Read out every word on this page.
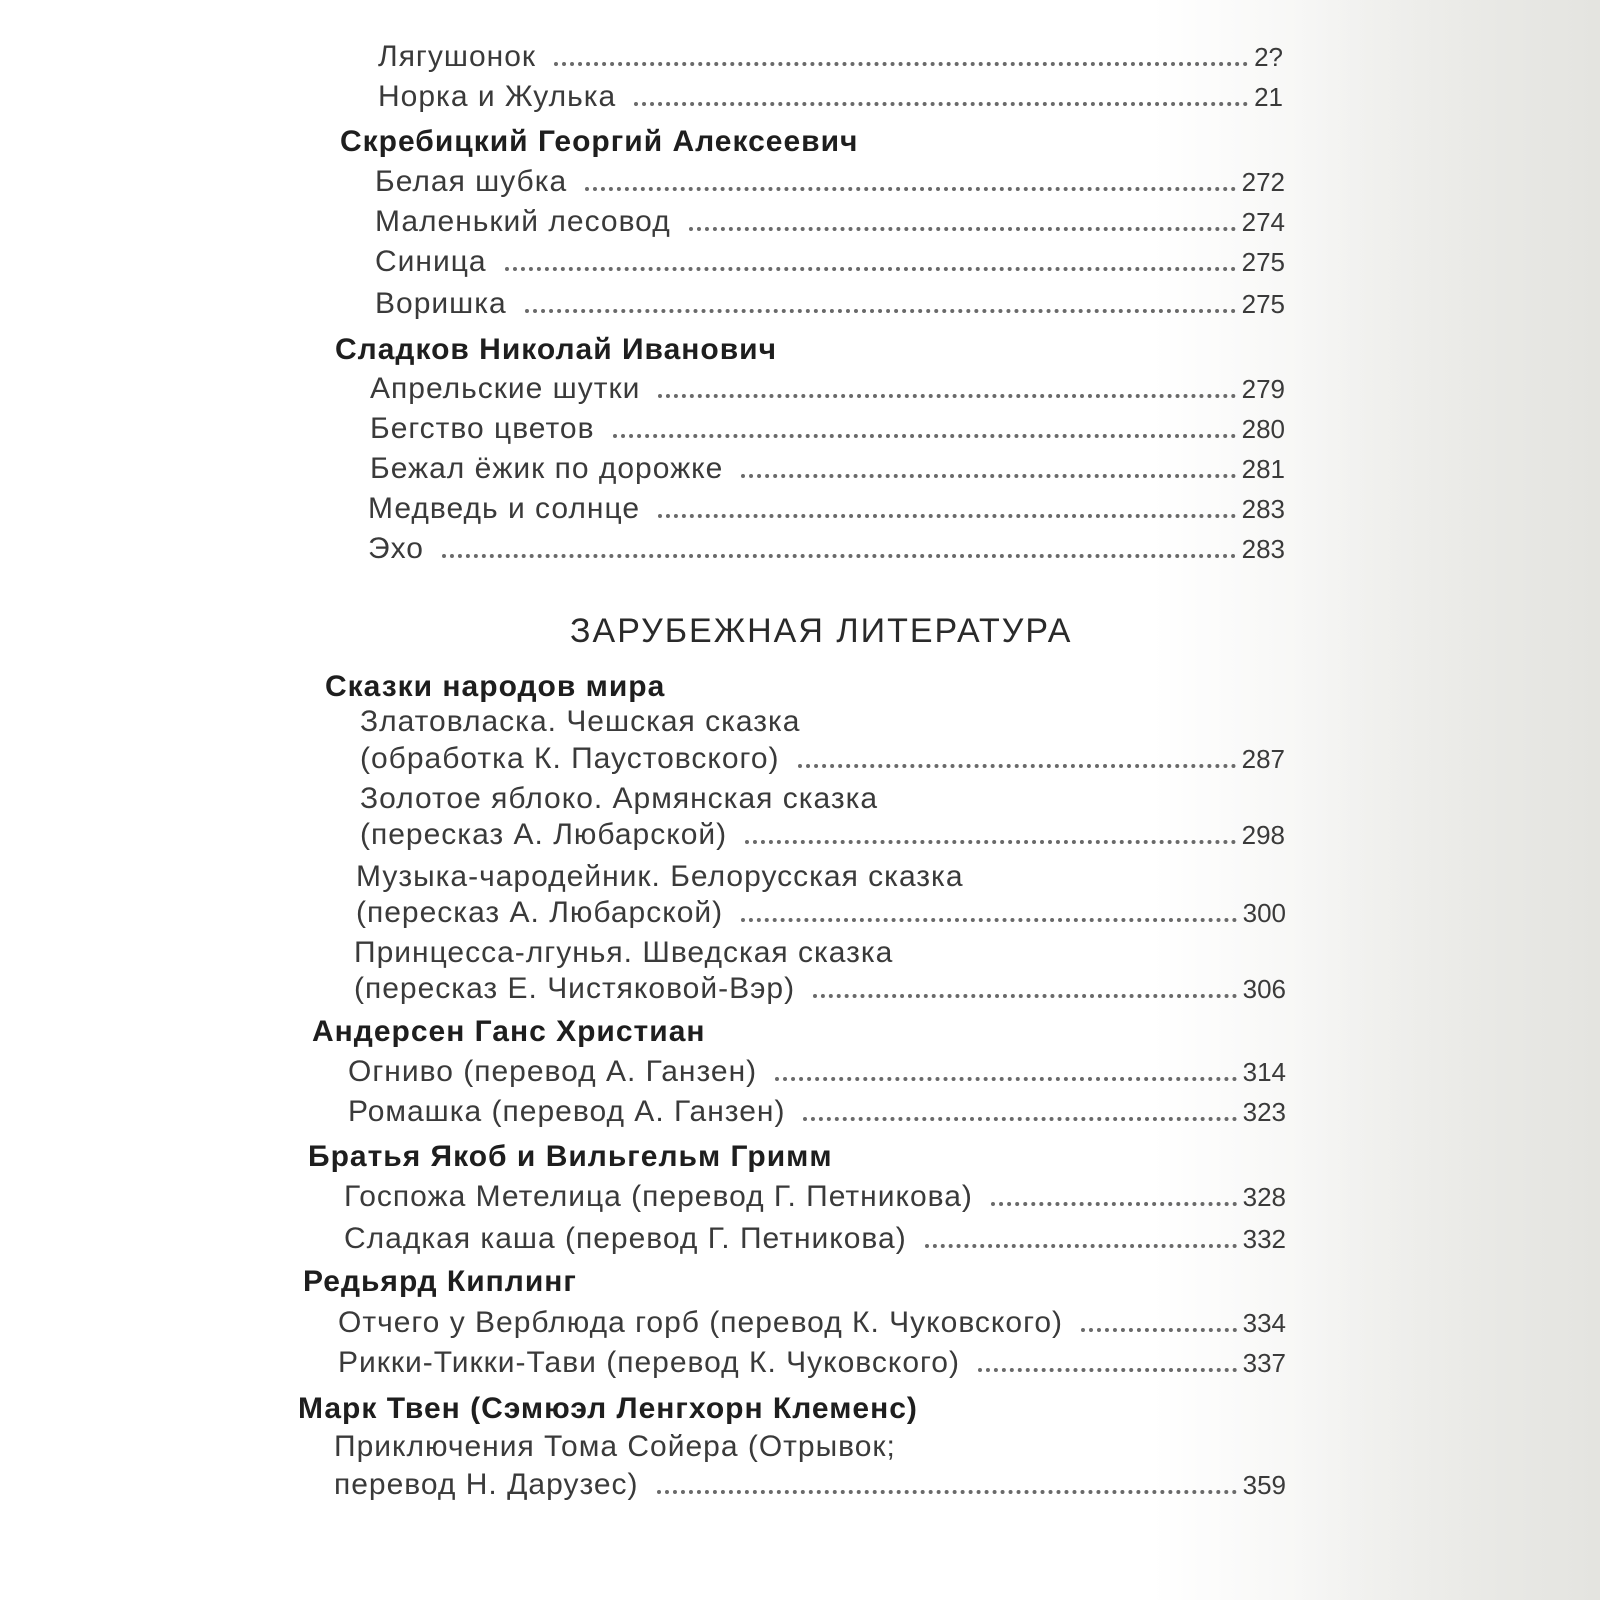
Лягушонок	2?
Норка и Жулька	21
Скребицкий Георгий Алексеевич
Белая шубка	272
Маленький лесовод	274
Синица	275
Воришка	275
Сладков Николай Иванович
Апрельские шутки	279
Бегство цветов	280
Бежал ёжик по дорожке	281
Медведь и солнце	283
Эхо	283
ЗАРУБЕЖНАЯ ЛИТЕРАТУРА
Сказки народов мира
Златовласка. Чешская сказка
(обработка К. Паустовского)	287
Золотое яблоко. Армянская сказка
(пересказ А. Любарской)	298
Музыка-чародейник. Белорусская сказка
(пересказ А. Любарской)	300
Принцесса-лгунья. Шведская сказка
(пересказ Е. Чистяковой-Вэр)	306
Андерсен Ганс Христиан
Огниво (перевод А. Ганзен)	314
Ромашка (перевод А. Ганзен)	323
Братья Якоб и Вильгельм Гримм
Госпожа Метелица (перевод Г. Петникова)	328
Сладкая каша (перевод Г. Петникова)	332
Редьярд Киплинг
Отчего у Верблюда горб (перевод К. Чуковского)	334
Рикки-Тикки-Тави (перевод К. Чуковского)	337
Марк Твен (Сэмюэл Ленгхорн Клеменс)
Приключения Тома Сойера (Отрывок;
перевод Н. Дарузес)	359
